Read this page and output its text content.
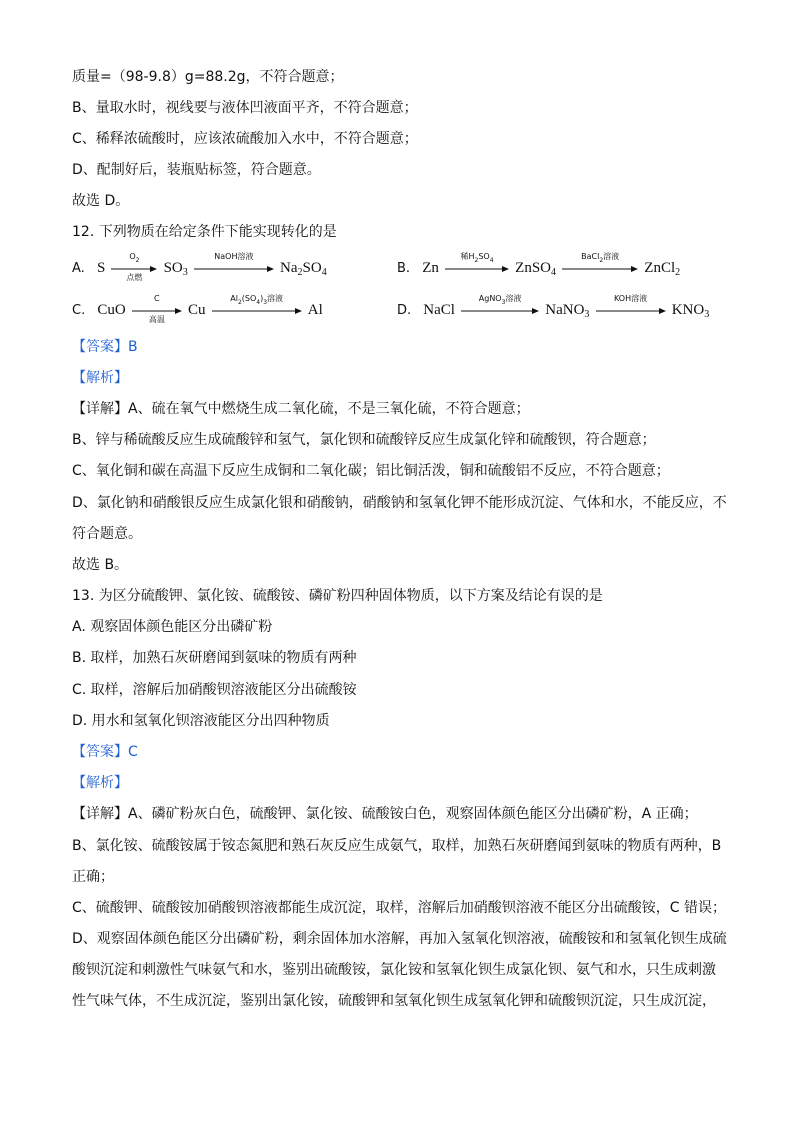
质量=（98-9.8）g=88.2g，不符合题意；
B、量取水时，视线要与液体凹液面平齐，不符合题意；
C、稀释浓硫酸时，应该浓硫酸加入水中，不符合题意；
D、配制好后，装瓶贴标签，符合题意。
故选 D。
12. 下列物质在给定条件下能实现转化的是
A. S
$O_2$
点燃
$SO_3$
NaOH溶液
$Na_2SO_4$	B. Zn
稀$H_2SO_4$	ZnSO$_4$
BaCl$_2$溶液
ZnCl$_2$
C. CuO
C
高温
Cu
$Al_2(SO_4)_3$溶液
Al	D. NaCl
AgNO$_3$溶液
NaNO$_3$
KOH溶液
$KNO_3$
【答案】B
【解析】
【详解】A、硫在氧气中燃烧生成二氧化硫，不是三氧化硫，不符合题意；
B、锌与稀硫酸反应生成硫酸锌和氢气，氯化钡和硫酸锌反应生成氯化锌和硫酸钡，符合题意；
C、氧化铜和碳在高温下反应生成铜和二氧化碳；铝比铜活泼，铜和硫酸铝不反应，不符合题意；
D、氯化钠和硝酸银反应生成氯化银和硝酸钠，硝酸钠和氢氧化钾不能形成沉淀、气体和水，不能反应，不
符合题意。
故选 B。
13. 为区分硫酸钾、氯化铵、硫酸铵、磷矿粉四种固体物质，以下方案及结论有误的是
A. 观察固体颜色能区分出磷矿粉
B. 取样，加熟石灰研磨闻到氨味的物质有两种
C. 取样，溶解后加硝酸钡溶液能区分出硫酸铵
D. 用水和氢氧化钡溶液能区分出四种物质
【答案】C
【解析】
【详解】A、磷矿粉灰白色，硫酸钾、氯化铵、硫酸铵白色，观察固体颜色能区分出磷矿粉，A 正确；
B、氯化铵、硫酸铵属于铵态氮肥和熟石灰反应生成氨气，取样，加熟石灰研磨闻到氨味的物质有两种，B
正确；
C、硫酸钾、硫酸铵加硝酸钡溶液都能生成沉淀，取样，溶解后加硝酸钡溶液不能区分出硫酸铵，C 错误；
D、观察固体颜色能区分出磷矿粉，剩余固体加水溶解，再加入氢氧化钡溶液，硫酸铵和和氢氧化钡生成硫
酸钡沉淀和刺激性气味氨气和水，鉴别出硫酸铵，氯化铵和氢氧化钡生成氯化钡、氨气和水，只生成刺激
性气味气体，不生成沉淀，鉴别出氯化铵，硫酸钾和氢氧化钡生成氢氧化钾和硫酸钡沉淀，只生成沉淀，
